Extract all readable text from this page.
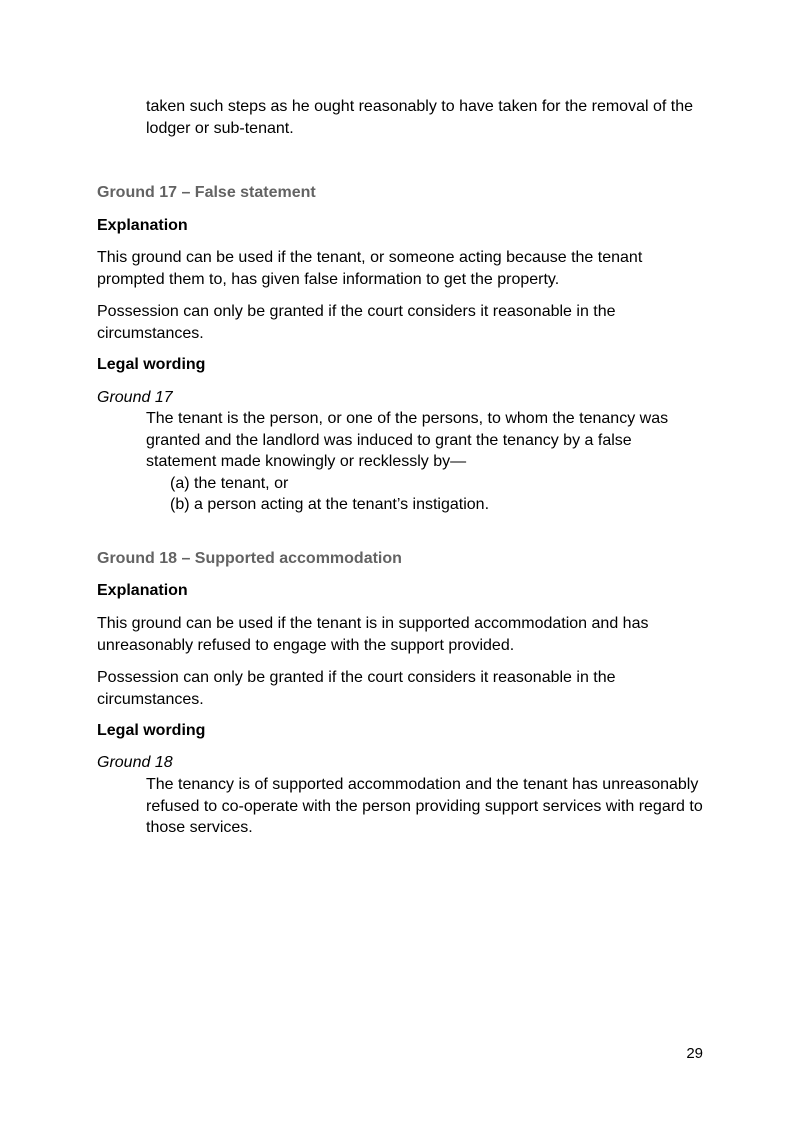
taken such steps as he ought reasonably to have taken for the removal of the lodger or sub-tenant.

Ground 17 – False statement

Explanation

This ground can be used if the tenant, or someone acting because the tenant prompted them to, has given false information to get the property.

Possession can only be granted if the court considers it reasonable in the circumstances.

Legal wording

Ground 17

The tenant is the person, or one of the persons, to whom the tenancy was granted and the landlord was induced to grant the tenancy by a false statement made knowingly or recklessly by—

(a) the tenant, or

(b) a person acting at the tenant’s instigation.

Ground 18 – Supported accommodation

Explanation

This ground can be used if the tenant is in supported accommodation and has unreasonably refused to engage with the support provided.

Possession can only be granted if the court considers it reasonable in the circumstances.

Legal wording

Ground 18

The tenancy is of supported accommodation and the tenant has unreasonably refused to co-operate with the person providing support services with regard to those services.

29
